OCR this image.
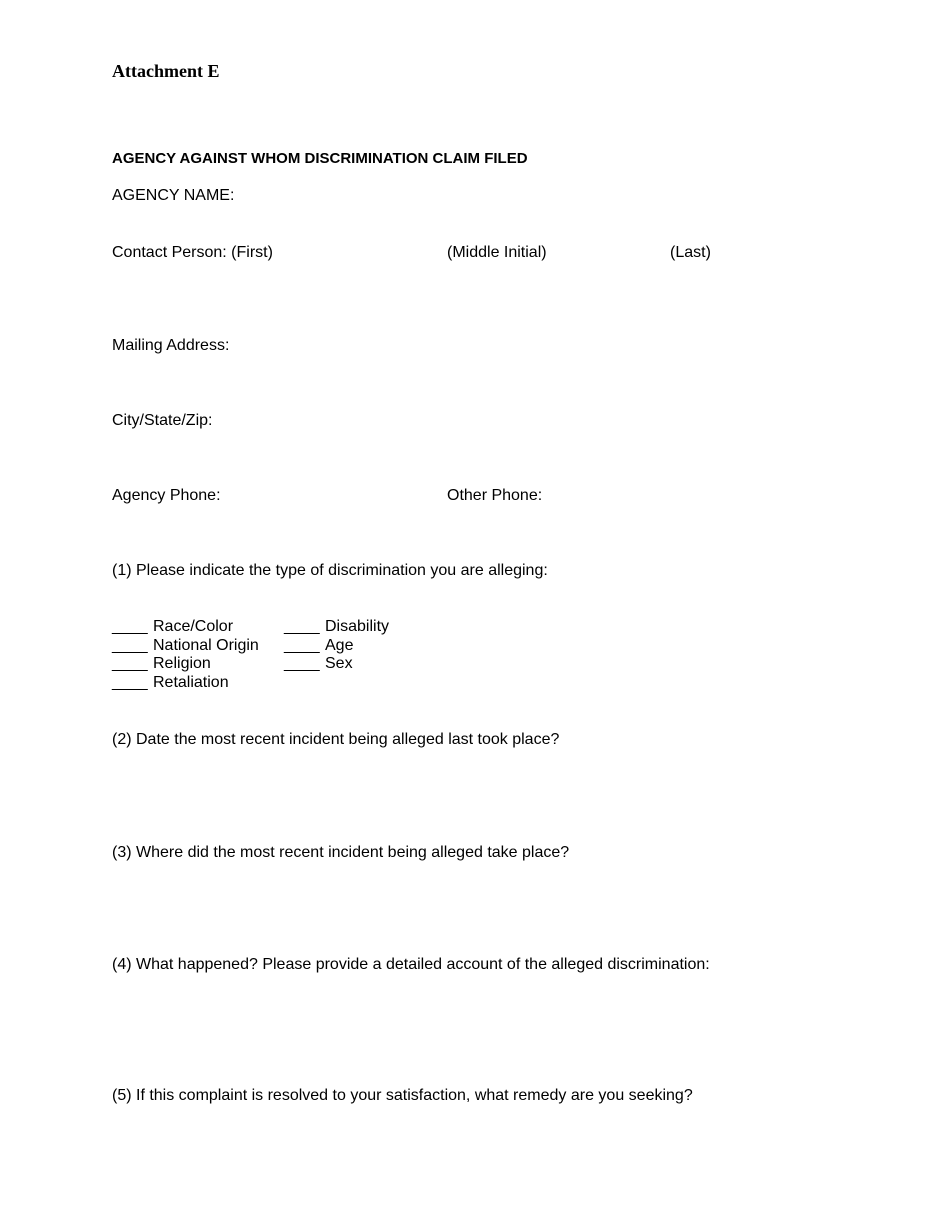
Attachment E
AGENCY AGAINST WHOM DISCRIMINATION CLAIM FILED
AGENCY NAME:
Contact Person: (First)	(Middle Initial)	(Last)
Mailing Address:
City/State/Zip:
Agency Phone:	Other Phone:
(1) Please indicate the type of discrimination you are alleging:
____ Race/Color
____ National Origin
____ Religion
____ Retaliation
____ Disability
____ Age
____ Sex
(2) Date the most recent incident being alleged last took place?
(3) Where did the most recent incident being alleged take place?
(4) What happened? Please provide a detailed account of the alleged discrimination:
(5) If this complaint is resolved to your satisfaction, what remedy are you seeking?
